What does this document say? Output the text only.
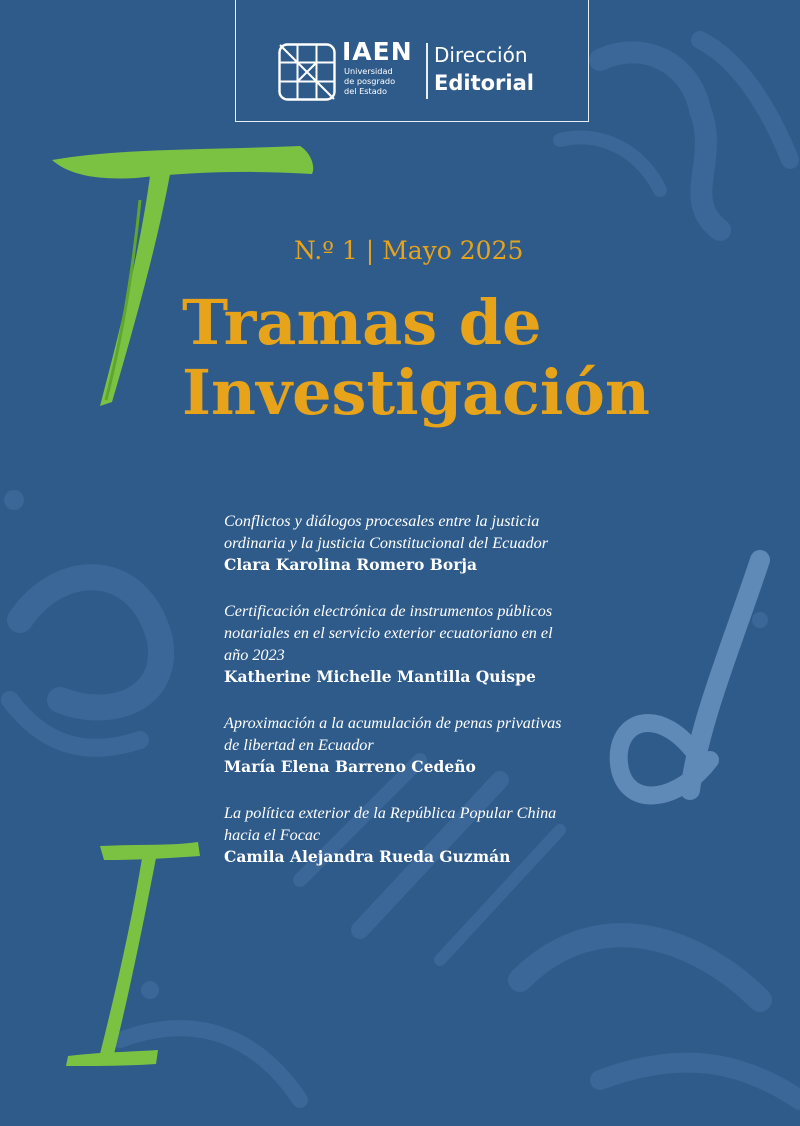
IAEN
Universidad
de posgrado
del Estado
Dirección
Editorial
N.º 1 | Mayo 2025
Tramas de
Investigación
Conflictos y diálogos procesales entre la justicia
ordinaria y la justicia Constitucional del Ecuador
Clara Karolina Romero Borja
Certificación electrónica de instrumentos públicos
notariales en el servicio exterior ecuatoriano en el
año 2023
Katherine Michelle Mantilla Quispe
Aproximación a la acumulación de penas privativas
de libertad en Ecuador
María Elena Barreno Cedeño
La política exterior de la República Popular China
hacia el Focac
Camila Alejandra Rueda Guzmán
